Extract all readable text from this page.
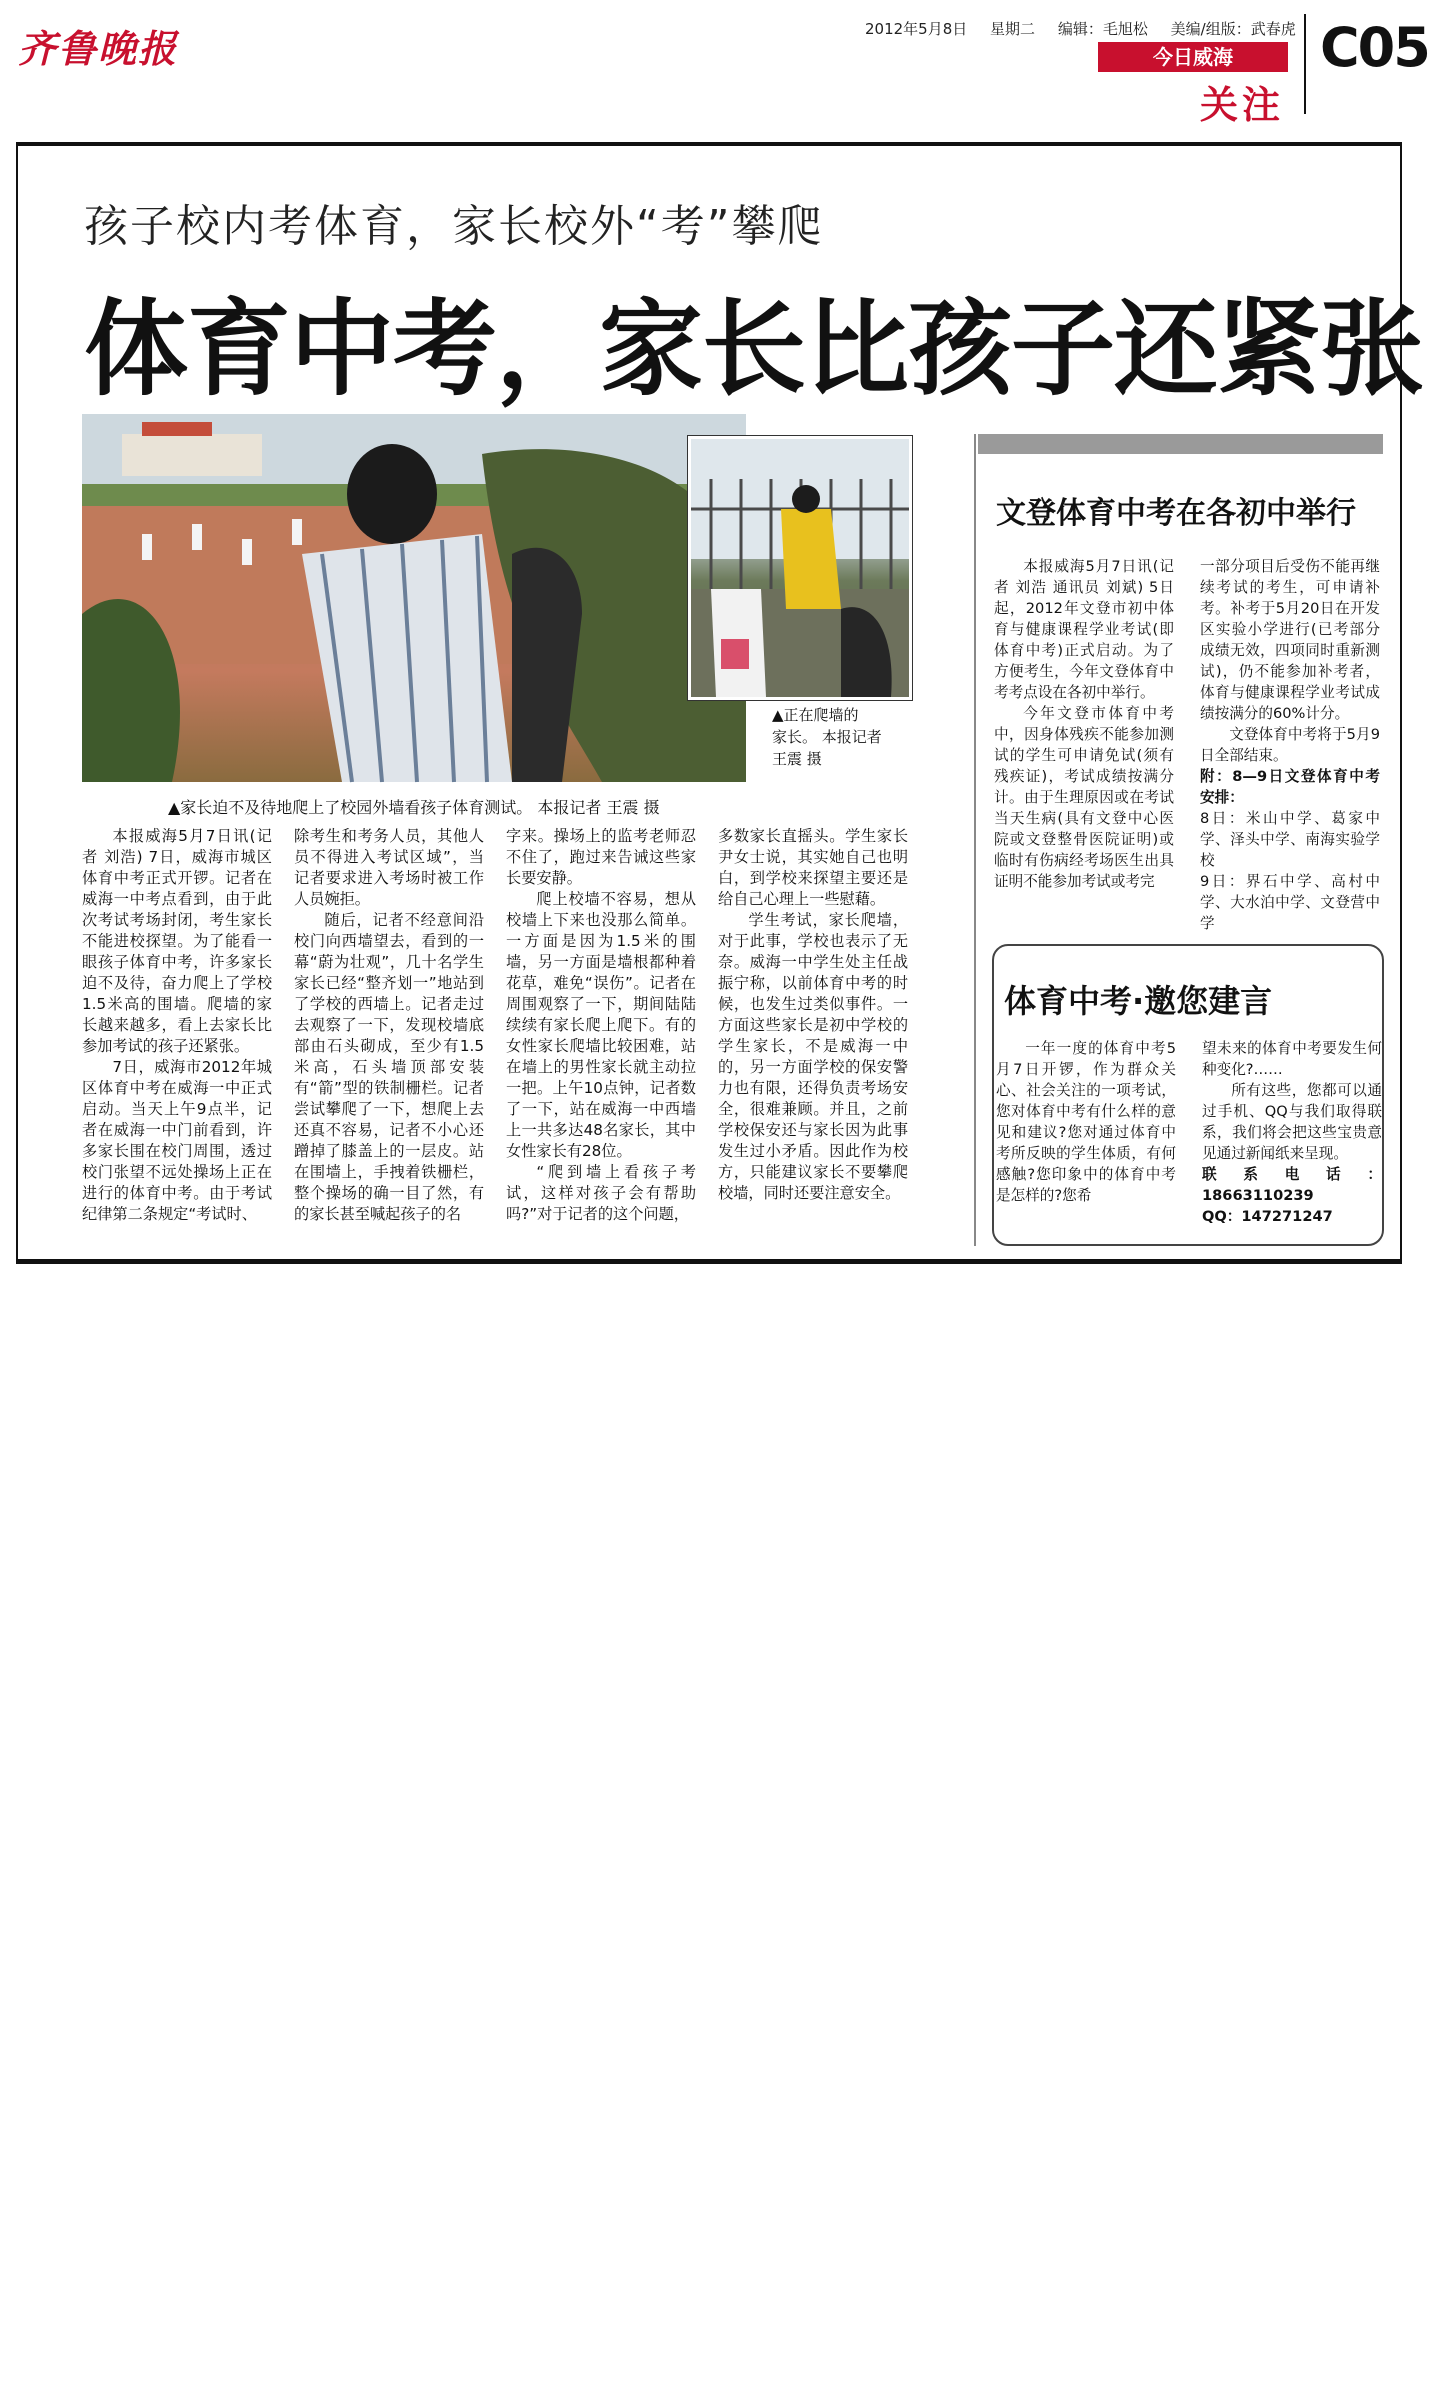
齐鲁晚报	2012年5月8日 星期二 编辑：毛旭松 美编/组版：武春虎
今日威海
关注
C05
孩子校内考体育，家长校外“考”攀爬
体育中考，家长比孩子还紧张
▲正在爬墙的
家长。 本报记者
王震 摄
▲家长迫不及待地爬上了校园外墙看孩子体育测试。 本报记者 王震 摄

本报威海5月7日讯(记者 刘浩) 7日，威海市城区体育中考正式开锣。记者在威海一中考点看到，由于此次考试考场封闭，考生家长不能进校探望。为了能看一眼孩子体育中考，许多家长迫不及待，奋力爬上了学校1.5米高的围墙。爬墙的家长越来越多，看上去家长比参加考试的孩子还紧张。

7日，威海市2012年城区体育中考在威海一中正式启动。当天上午9点半，记者在威海一中门前看到，许多家长围在校门周围，透过校门张望不远处操场上正在进行的体育中考。由于考试纪律第二条规定“考试时、

除考生和考务人员，其他人员不得进入考试区域”，当记者要求进入考场时被工作人员婉拒。

随后，记者不经意间沿校门向西墙望去，看到的一幕“蔚为壮观”，几十名学生家长已经“整齐划一”地站到了学校的西墙上。记者走过去观察了一下，发现校墙底部由石头砌成，至少有1.5米高，石头墙顶部安装有“箭”型的铁制栅栏。记者尝试攀爬了一下，想爬上去还真不容易，记者不小心还蹭掉了膝盖上的一层皮。站在围墙上，手拽着铁栅栏，整个操场的确一目了然，有的家长甚至喊起孩子的名

字来。操场上的监考老师忍不住了，跑过来告诫这些家长要安静。

爬上校墙不容易，想从校墙上下来也没那么简单。一方面是因为1.5米的围墙，另一方面是墙根都种着花草，难免“误伤”。记者在周围观察了一下，期间陆陆续续有家长爬上爬下。有的女性家长爬墙比较困难，站在墙上的男性家长就主动拉一把。上午10点钟，记者数了一下，站在威海一中西墙上一共多达48名家长，其中女性家长有28位。

“爬到墙上看孩子考试，这样对孩子会有帮助吗?”对于记者的这个问题，

多数家长直摇头。学生家长尹女士说，其实她自己也明白，到学校来探望主要还是给自己心理上一些慰藉。

学生考试，家长爬墙，对于此事，学校也表示了无奈。威海一中学生处主任战振宁称，以前体育中考的时候，也发生过类似事件。一方面这些家长是初中学校的学生家长，不是威海一中的，另一方面学校的保安警力也有限，还得负责考场安全，很难兼顾。并且，之前学校保安还与家长因为此事发生过小矛盾。因此作为校方，只能建议家长不要攀爬校墙，同时还要注意安全。

文登体育中考在各初中举行

本报威海5月7日讯(记者 刘浩 通讯员 刘斌) 5日起，2012年文登市初中体育与健康课程学业考试(即体育中考)正式启动。为了方便考生，今年文登体育中考考点设在各初中举行。

今年文登市体育中考中，因身体残疾不能参加测试的学生可申请免试(须有残疾证)，考试成绩按满分计。由于生理原因或在考试当天生病(具有文登中心医院或文登整骨医院证明)或临时有伤病经考场医生出具证明不能参加考试或考完

一部分项目后受伤不能再继续考试的考生，可申请补考。补考于5月20日在开发区实验小学进行(已考部分成绩无效，四项同时重新测试)，仍不能参加补考者，体育与健康课程学业考试成绩按满分的60%计分。

文登体育中考将于5月9日全部结束。

附：8—9日文登体育中考安排：

8日：米山中学、葛家中学、泽头中学、南海实验学校

9日：界石中学、高村中学、大水泊中学、文登营中学

体育中考·邀您建言

一年一度的体育中考5月7日开锣，作为群众关心、社会关注的一项考试，您对体育中考有什么样的意见和建议?您对通过体育中考所反映的学生体质，有何感触?您印象中的体育中考是怎样的?您希

望未来的体育中考要发生何种变化?……

所有这些，您都可以通过手机、QQ与我们取得联系，我们将会把这些宝贵意见通过新闻纸来呈现。

联系电话：18663110239

QQ：147271247
